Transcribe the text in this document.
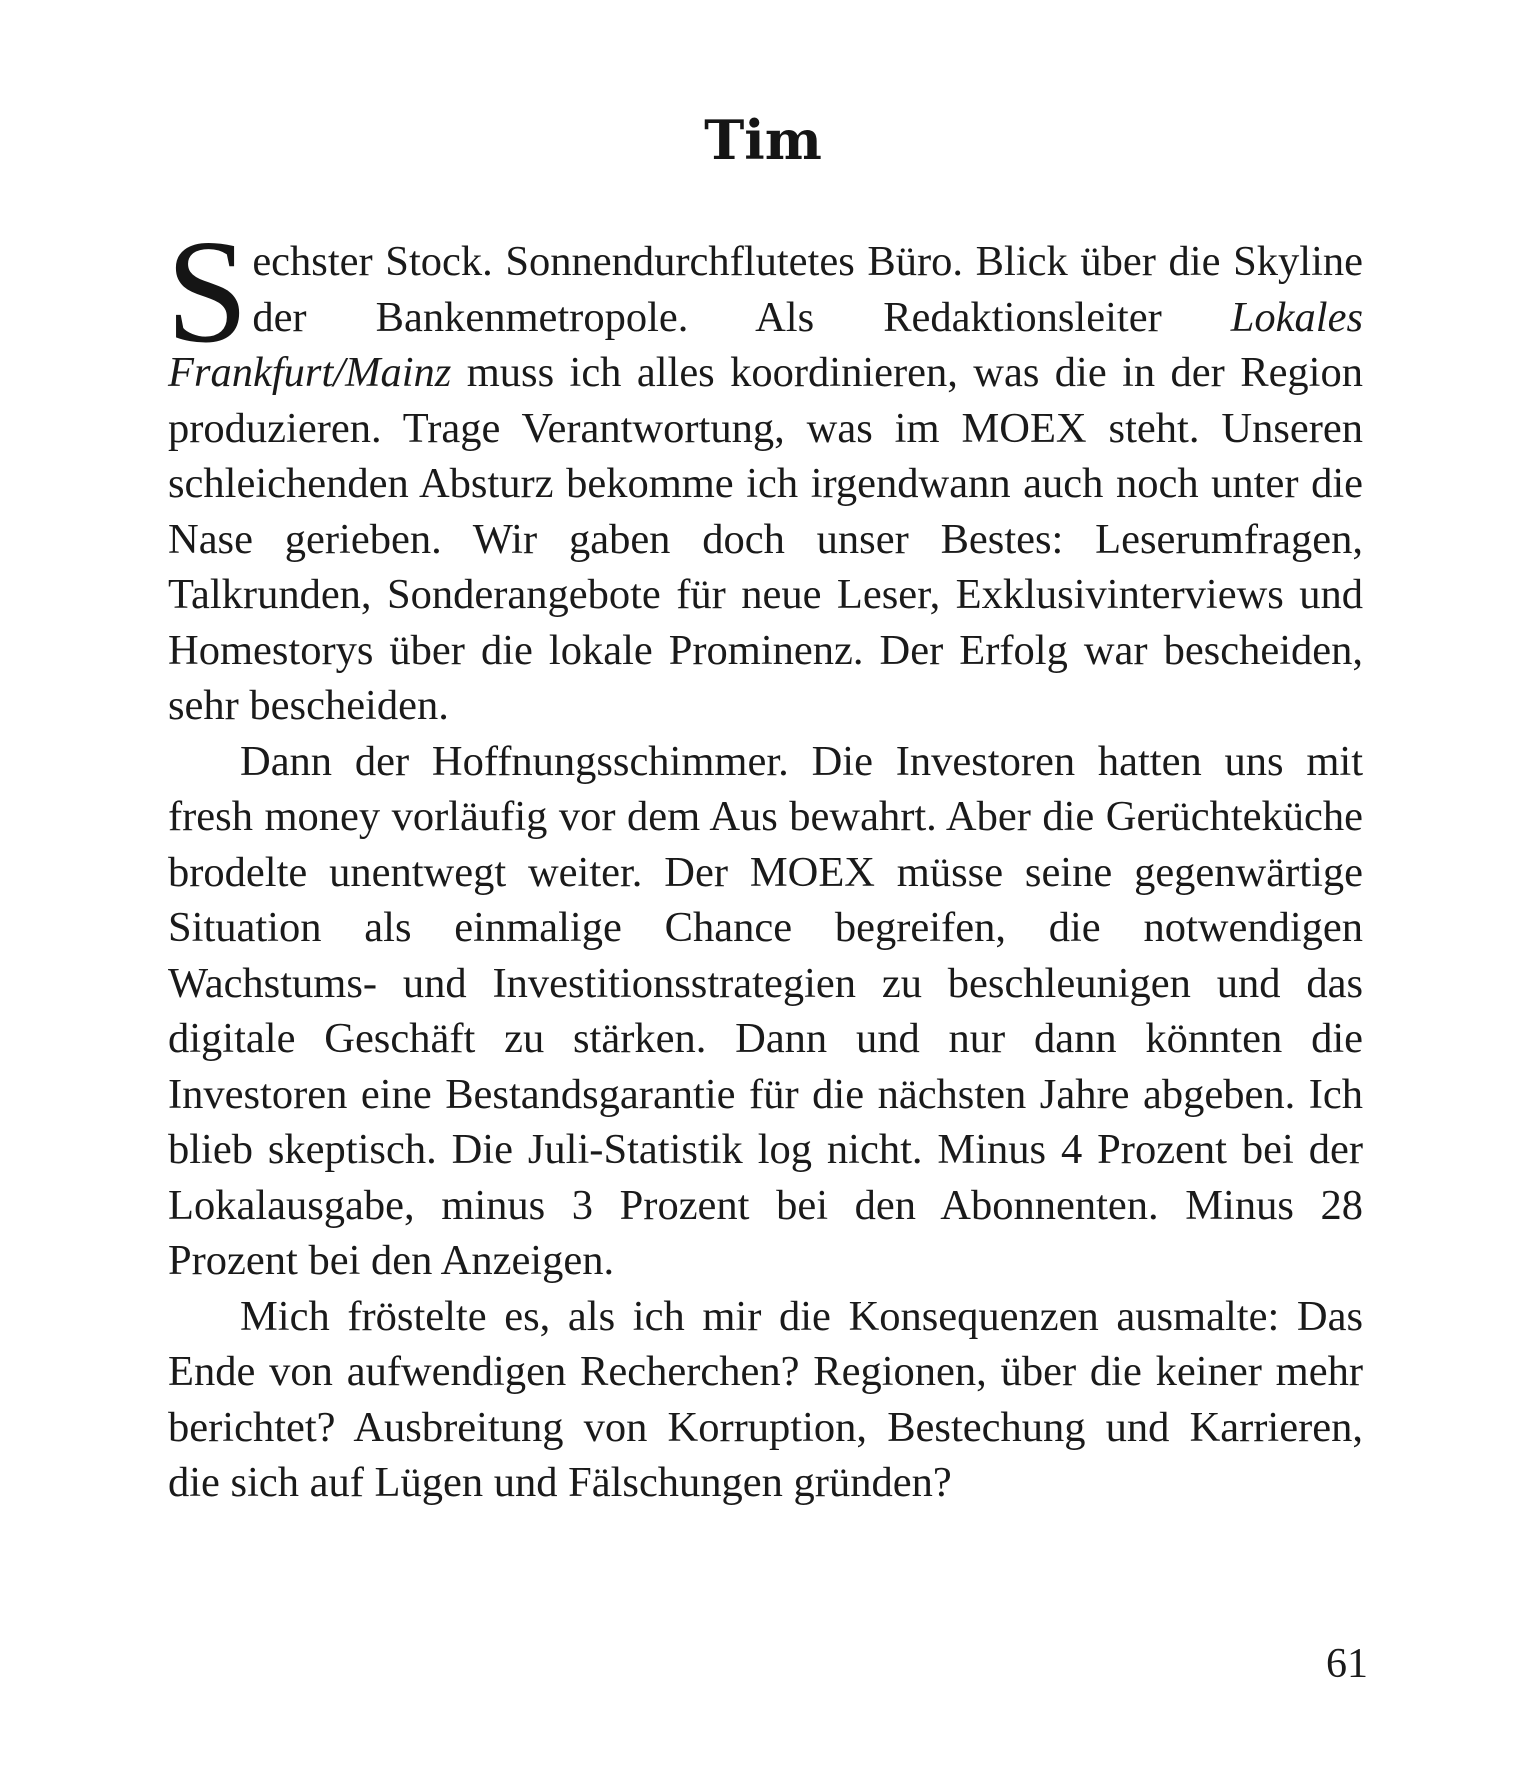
Tim

Sechster Stock. Sonnendurchflutetes Büro. Blick über die Skyline der Bankenmetropole. Als Redaktionsleiter Lokales Frankfurt/Mainz muss ich alles koordinieren, was die in der Region produzieren. Trage Verantwortung, was im MOEX steht. Unseren schleichenden Absturz bekomme ich irgendwann auch noch unter die Nase gerieben. Wir gaben doch unser Bestes: Leserumfragen, Talkrunden, Sonderangebote für neue Leser, Exklusivinterviews und Homestorys über die lokale Prominenz. Der Erfolg war bescheiden, sehr bescheiden.

Dann der Hoffnungsschimmer. Die Investoren hatten uns mit fresh money vorläufig vor dem Aus bewahrt. Aber die Gerüchteküche brodelte unentwegt weiter. Der MOEX müsse seine gegenwärtige Situation als einmalige Chance begreifen, die notwendigen Wachstums- und Investitionsstrategien zu beschleunigen und das digitale Geschäft zu stärken. Dann und nur dann könnten die Investoren eine Bestandsgarantie für die nächsten Jahre abgeben. Ich blieb skeptisch. Die Juli-Statistik log nicht. Minus 4 Prozent bei der Lokalausgabe, minus 3 Prozent bei den Abonnenten. Minus 28 Prozent bei den Anzeigen.

Mich fröstelte es, als ich mir die Konsequenzen ausmalte: Das Ende von aufwendigen Recherchen? Regionen, über die keiner mehr berichtet? Ausbreitung von Korruption, Bestechung und Karrieren, die sich auf Lügen und Fälschungen gründen?

61
